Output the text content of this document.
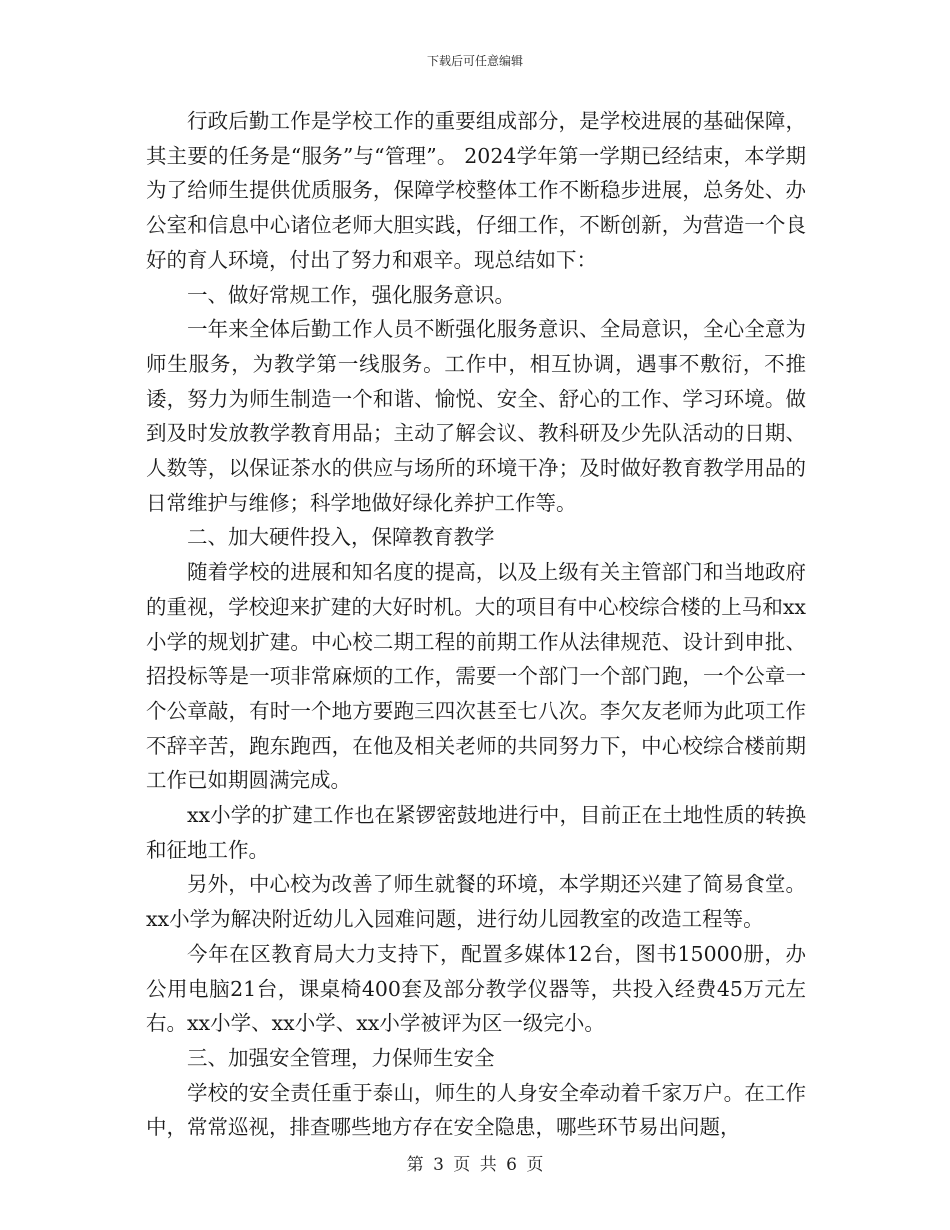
下载后可任意编辑

行政后勤工作是学校工作的重要组成部分，是学校进展的基础保障，其主要的任务是“服务”与“管理”。 2024学年第一学期已经结束，本学期为了给师生提供优质服务，保障学校整体工作不断稳步进展，总务处、办公室和信息中心诸位老师大胆实践，仔细工作，不断创新，为营造一个良好的育人环境，付出了努力和艰辛。现总结如下：

一、做好常规工作，强化服务意识。

一年来全体后勤工作人员不断强化服务意识、全局意识，全心全意为师生服务，为教学第一线服务。工作中，相互协调，遇事不敷衍，不推诿，努力为师生制造一个和谐、愉悦、安全、舒心的工作、学习环境。做到及时发放教学教育用品；主动了解会议、教科研及少先队活动的日期、人数等，以保证茶水的供应与场所的环境干净；及时做好教育教学用品的日常维护与维修；科学地做好绿化养护工作等。

二、加大硬件投入，保障教育教学

随着学校的进展和知名度的提高，以及上级有关主管部门和当地政府的重视，学校迎来扩建的大好时机。大的项目有中心校综合楼的上马和xx小学的规划扩建。中心校二期工程的前期工作从法律规范、设计到申批、招投标等是一项非常麻烦的工作，需要一个部门一个部门跑，一个公章一个公章敲，有时一个地方要跑三四次甚至七八次。李欠友老师为此项工作不辞辛苦，跑东跑西，在他及相关老师的共同努力下，中心校综合楼前期工作已如期圆满完成。

xx小学的扩建工作也在紧锣密鼓地进行中，目前正在土地性质的转换和征地工作。

另外，中心校为改善了师生就餐的环境，本学期还兴建了简易食堂。xx小学为解决附近幼儿入园难问题，进行幼儿园教室的改造工程等。

今年在区教育局大力支持下，配置多媒体12台，图书15000册，办公用电脑21台，课桌椅400套及部分教学仪器等，共投入经费45万元左右。xx小学、xx小学、xx小学被评为区一级完小。

三、加强安全管理，力保师生安全

学校的安全责任重于泰山，师生的人身安全牵动着千家万户。在工作中，常常巡视，排查哪些地方存在安全隐患，哪些环节易出问题，

第 3 页 共 6 页
